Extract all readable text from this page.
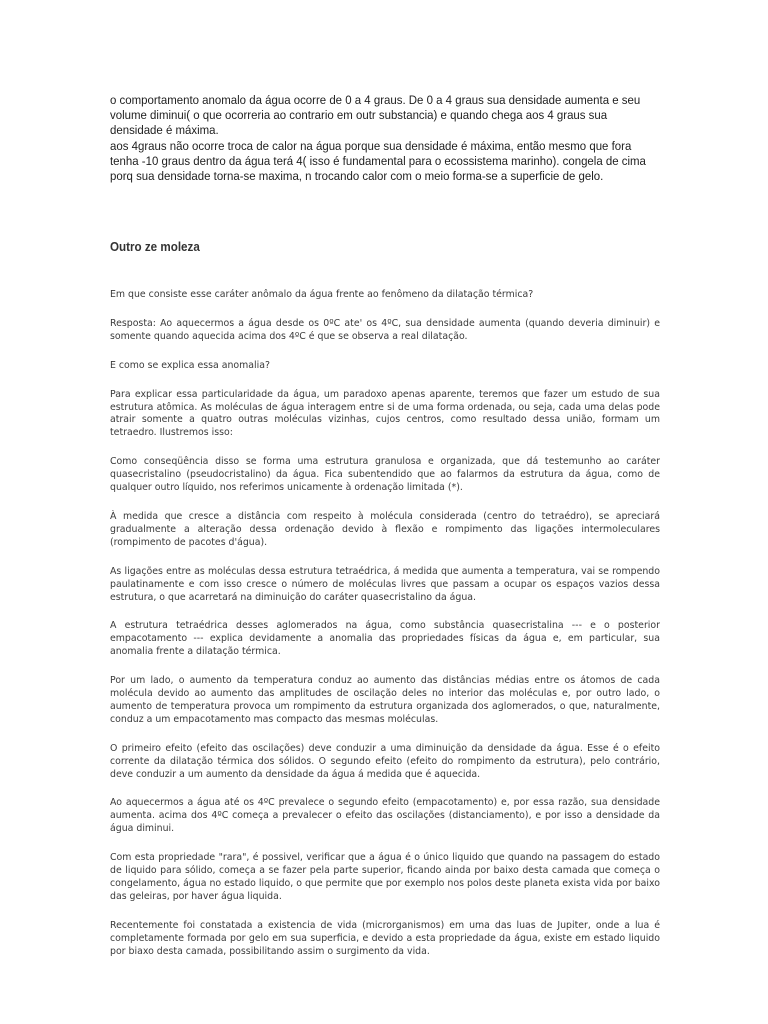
o comportamento anomalo da água ocorre de 0 a 4 graus. De 0 a 4 graus sua densidade aumenta e seu volume diminui( o que ocorreria ao contrario em outr substancia) e quando chega aos 4 graus sua densidade é máxima.

aos 4graus não ocorre troca de calor na água porque sua densidade é máxima, então mesmo que fora tenha -10 graus dentro da água terá 4( isso é fundamental para o ecossistema marinho). congela de cima porq sua densidade torna-se maxima, n trocando calor com o meio forma-se a superficie de gelo.

Outro ze moleza

Em que consiste esse caráter anômalo da água frente ao fenômeno da dilatação térmica?

Resposta: Ao aquecermos a água desde os 0ºC ate' os 4ºC, sua densidade aumenta (quando deveria diminuir) e somente quando aquecida acima dos 4ºC é que se observa a real dilatação.

E como se explica essa anomalia?

Para explicar essa particularidade da água, um paradoxo apenas aparente, teremos que fazer um estudo de sua estrutura atômica. As moléculas de água interagem entre si de uma forma ordenada, ou seja, cada uma delas pode atrair somente a quatro outras moléculas vizinhas, cujos centros, como resultado dessa união, formam um tetraedro. Ilustremos isso:

Como conseqüência disso se forma uma estrutura granulosa e organizada, que dá testemunho ao caráter quasecristalino (pseudocristalino) da água. Fica subentendido que ao falarmos da estrutura da água, como de qualquer outro líquido, nos referimos unicamente à ordenação limitada (*).

À medida que cresce a distância com respeito à molécula considerada (centro do tetraédro), se apreciará gradualmente a alteração dessa ordenação devido à flexão e rompimento das ligações intermoleculares (rompimento de pacotes d'água).

As ligações entre as moléculas dessa estrutura tetraédrica, á medida que aumenta a temperatura, vai se rompendo paulatinamente e com isso cresce o número de moléculas livres que passam a ocupar os espaços vazios dessa estrutura, o que acarretará na diminuição do caráter quasecristalino da água.

A estrutura tetraédrica desses aglomerados na água, como substância quasecristalina --- e o posterior empacotamento --- explica devidamente a anomalia das propriedades físicas da água e, em particular, sua anomalia frente a dilatação térmica.

Por um lado, o aumento da temperatura conduz ao aumento das distâncias médias entre os átomos de cada molécula devido ao aumento das amplitudes de oscilação deles no interior das moléculas e, por outro lado, o aumento de temperatura provoca um rompimento da estrutura organizada dos aglomerados, o que, naturalmente, conduz a um empacotamento mas compacto das mesmas moléculas.

O primeiro efeito (efeito das oscilações) deve conduzir a uma diminuição da densidade da água. Esse é o efeito corrente da dilatação térmica dos sólidos. O segundo efeito (efeito do rompimento da estrutura), pelo contrário, deve conduzir a um aumento da densidade da água á medida que é aquecida.

Ao aquecermos a água até os 4ºC prevalece o segundo efeito (empacotamento) e, por essa razão, sua densidade aumenta. acima dos 4ºC começa a prevalecer o efeito das oscilações (distanciamento), e por isso a densidade da água diminui.

Com esta propriedade "rara", é possivel, verificar que a água é o único liquido que quando na passagem do estado de liquido para sólido, começa a se fazer pela parte superior, ficando ainda por baixo desta camada que começa o congelamento, água no estado liquido, o que permite que por exemplo nos polos deste planeta exista vida por baixo das geleiras, por haver água liquida.

Recentemente foi constatada a existencia de vida (microrganismos) em uma das luas de Jupiter, onde a lua é completamente formada por gelo em sua superficia, e devido a esta propriedade da água, existe em estado liquido por biaxo desta camada, possibilitando assim o surgimento da vida.
